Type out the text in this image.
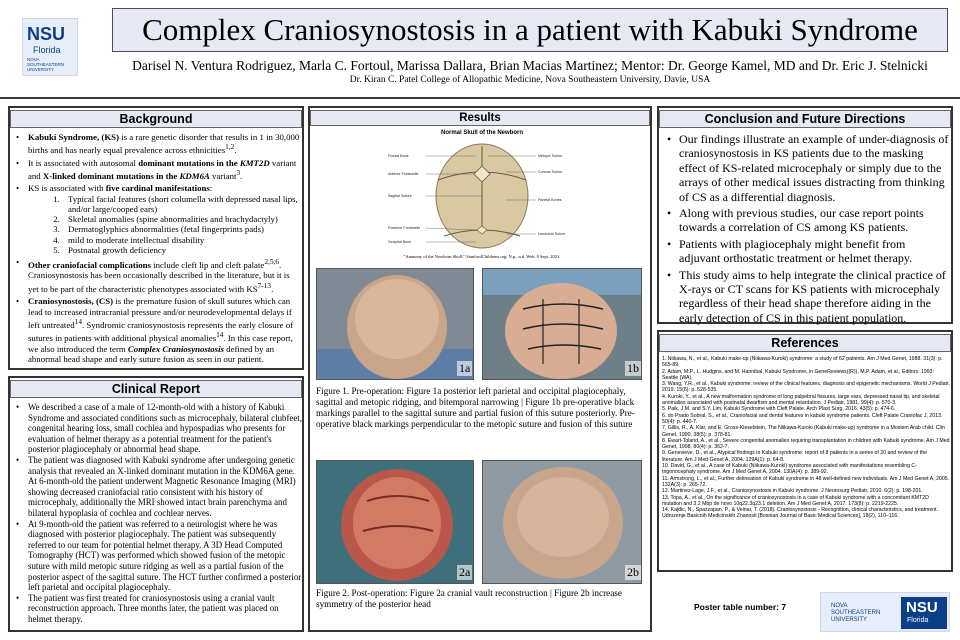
NSU
Florida
NOVA SOUTHEASTERN UNIVERSITY
Complex Craniosynostosis in a patient with Kabuki Syndrome
Darisel N. Ventura Rodriguez, Marla C. Fortoul, Marissa Dallara, Brian Macias Martinez; Mentor: Dr. George Kamel, MD and Dr. Eric J. Stelnicki
Dr. Kiran C. Patel College of Allopathic Medicine, Nova Southeastern University, Davie, USA
Background
• Kabuki Syndrome, (KS) is a rare genetic disorder that results in 1 in 30,000 births and has nearly equal prevalence across ethnicities$^{1,2}$.
• It is associated with autosomal dominant mutations in the KMT2D variant and X-linked dominant mutations in the KDM6A variant$^3$.
• KS is associated with five cardinal manifestations:
1. Typical facial features (short columella with depressed nasal lips, and/or large/cooped ears)
2. Skeletal anomalies (spine abnormalities and brachydactyly)
3. Dermatoglyphics abnormalities (fetal fingerprints pads)
4. mild to moderate intellectual disability
5. Postnatal growth deficiency
• Other craniofacial complications include cleft lip and cleft palate$^{2,5,6}$. Craniosynostosis has been occasionally described in the literature, but it is yet to be part of the characteristic phenotypes associated with KS$^{7-13}$.
• Craniosynostosis, (CS) is the premature fusion of skull sutures which can lead to increased intracranial pressure and/or neurodevelopmental delays if left untreated$^{14}$. Syndromic craniosynostosis represents the early closure of sutures in patients with additional physical anomalies$^{14}$. In this case report, we also introduced the term Complex Craniosynostosis defined by an abnormal head shape and early suture fusion as seen in our patient.
Clinical Report
• We described a case of a male of 12-month-old with a history of Kabuki Syndrome and associated conditions such as microcephaly, bilateral clubfeet, congenital hearing loss, small cochlea and hypospadias who presents for evaluation of helmet therapy as a potential treatment for the patient's posterior plagiocephaly or abnormal head shape.
• The patient was diagnosed with Kabuki syndrome after undergoing genetic analysis that revealed an X-linked dominant mutation in the KDM6A gene. At 6-month-old the patient underwent Magnetic Resonance Imaging (MRI) showing decreased craniofacial ratio consistent with his history of microcephaly, additionally the MRI showed intact brain parenchyma and bilateral hypoplasia of cochlea and cochlear nerves.
• At 9-month-old the patient was referred to a neurologist where he was diagnosed with posterior plagiocephaly. The patient was subsequently referred to our team for potential helmet therapy. A 3D Head Computed Tomography (HCT) was performed which showed fusion of the metopic suture with mild metopic suture ridging as well as a partial fusion of the posterior aspect of the sagittal suture. The HCT further confirmed a posterior left parietal and occipital plagiocephaly.
• The patient was first treated for craniosynostosis using a cranial vault reconstruction approach. Three months later, the patient was placed on helmet therapy.
Results
Normal Skull of the Newborn
Frontal Bone
Anterior Fontanelle
Sagittal Suture
Posterior Fontanelle
Occipital Bone
Metopic Suture
Coronal Suture
Parietal Bones
Lambdoid Suture
"Anatomy of the Newborn Skull." StanfordChildrens.org. N.p., n.d. Web. 9 Sept. 2021.
1a	1b
Figure 1. Pre-operation: Figure 1a posterior left parietal and occipital plagiocephaly, sagittal and metopic ridging, and bitemporal narrowing | Figure 1b pre-operative black markings parallel to the sagittal suture and partial fusion of this suture posteriorly. Pre-operative black markings perpendicular to the metopic suture and fusion of this suture
2a	2b
Figure 2. Post-operation: Figure 2a cranial vault reconstruction | Figure 2b increase symmetry of the posterior head
Conclusion and Future Directions
• Our findings illustrate an example of under-diagnosis of craniosynostosis in KS patients due to the masking effect of KS-related microcephaly or simply due to the arrays of other medical issues distracting from thinking of CS as a differential diagnosis.
• Along with previous studies, our case report points towards a correlation of CS among KS patients.
• Patients with plagiocephaly might benefit from adjuvant orthostatic treatment or helmet therapy.
• This study aims to help integrate the clinical practice of X-rays or CT scans for KS patients with microcephaly regardless of their head shape therefore aiding in the early detection of CS in this patient population.
References
1. Niikawa, N., et al., Kabuki make-up (Niikawa-Kuroki) syndrome: a study of 62 patients. Am J Med Genet, 1988. 31(3): p. 565-89.
2. Adam, M.P., L. Hudgins, and M. Hannibal, Kabuki Syndrome, in GeneReviews((R)), M.P. Adam, et al., Editors. 1993: Seattle (WA).
3. Wang, Y.R., et al., Kabuki syndrome: review of the clinical features, diagnosis and epigenetic mechanisms. World J Pediatr, 2019. 15(6): p. 528-535.
4. Kuroki, Y., et al., A new malformation syndrome of long palpebral fissures, large ears, depressed nasal tip, and skeletal anomalies associated with postnatal dwarfism and mental retardation. J Pediatr, 1981. 99(4): p. 570-3.
5. Paik, J.M. and S.Y. Lim, Kabuki Syndrome with Cleft Palate. Arch Plast Surg, 2016. 43(5): p. 474-6.
6. do Prado Sobral, S., et al., Craniofacial and dental features in kabuki syndrome patients. Cleft Palate Craniofac J, 2013. 50(4): p. 440-7.
7. Gillis, R., A. Klar, and E. Gross-Kieselstein, The Niikawa-Kuroki (Kabuki make-up) syndrome in a Moslem Arab child. Clin Genet, 1990. 38(5): p. 378-81.
8. Ewart-Toland, A., et al., Severe congenital anomalies requiring transplantation in children with Kabuki syndrome. Am J Med Genet, 1998. 80(4): p. 362-7.
9. Genevieve, D., et al., Atypical findings in Kabuki syndrome: report of 8 patients in a series of 20 and review of the literature. Am J Med Genet A, 2004. 129A(1): p. 64-8.
10. David, G., et al., A case of Kabuki (Niikawa-Kuroki) syndrome associated with manifestations resembling C-trigonocephaly syndrome. Am J Med Genet A, 2004. 130A(4): p. 389-92.
11. Armstrong, L., et al., Further delineation of Kabuki syndrome in 48 well-defined new individuals. Am J Med Genet A, 2005. 132A(3): p. 265-72.
12. Martinez-Lage, J.F., et al., Craniosynostosis in Kabuki syndrome. J Neurosurg Pediatr, 2010. 6(2): p. 198-201.
13. Topa, A., et al., On the significance of craniosynostosis in a case of Kabuki syndrome with a concomitant KMT2D mutation and 3.2 Mbp de novo 10q22.3q23.1 deletion. Am J Med Genet A, 2017. 173(8): p. 2219-2225.
14. Kajdic, N., Spazzapan, P., & Velnar, T. (2018). Craniosynostosis - Recognition, clinical characteristics, and treatment. Udruzenje Basicnih Medicinskih Znanosti [Bosnian Journal of Basic Medical Sciences], 18(2), 110–116.
Poster table number: 7	NOVA SOUTHEASTERN UNIVERSITY
NSU
Florida
